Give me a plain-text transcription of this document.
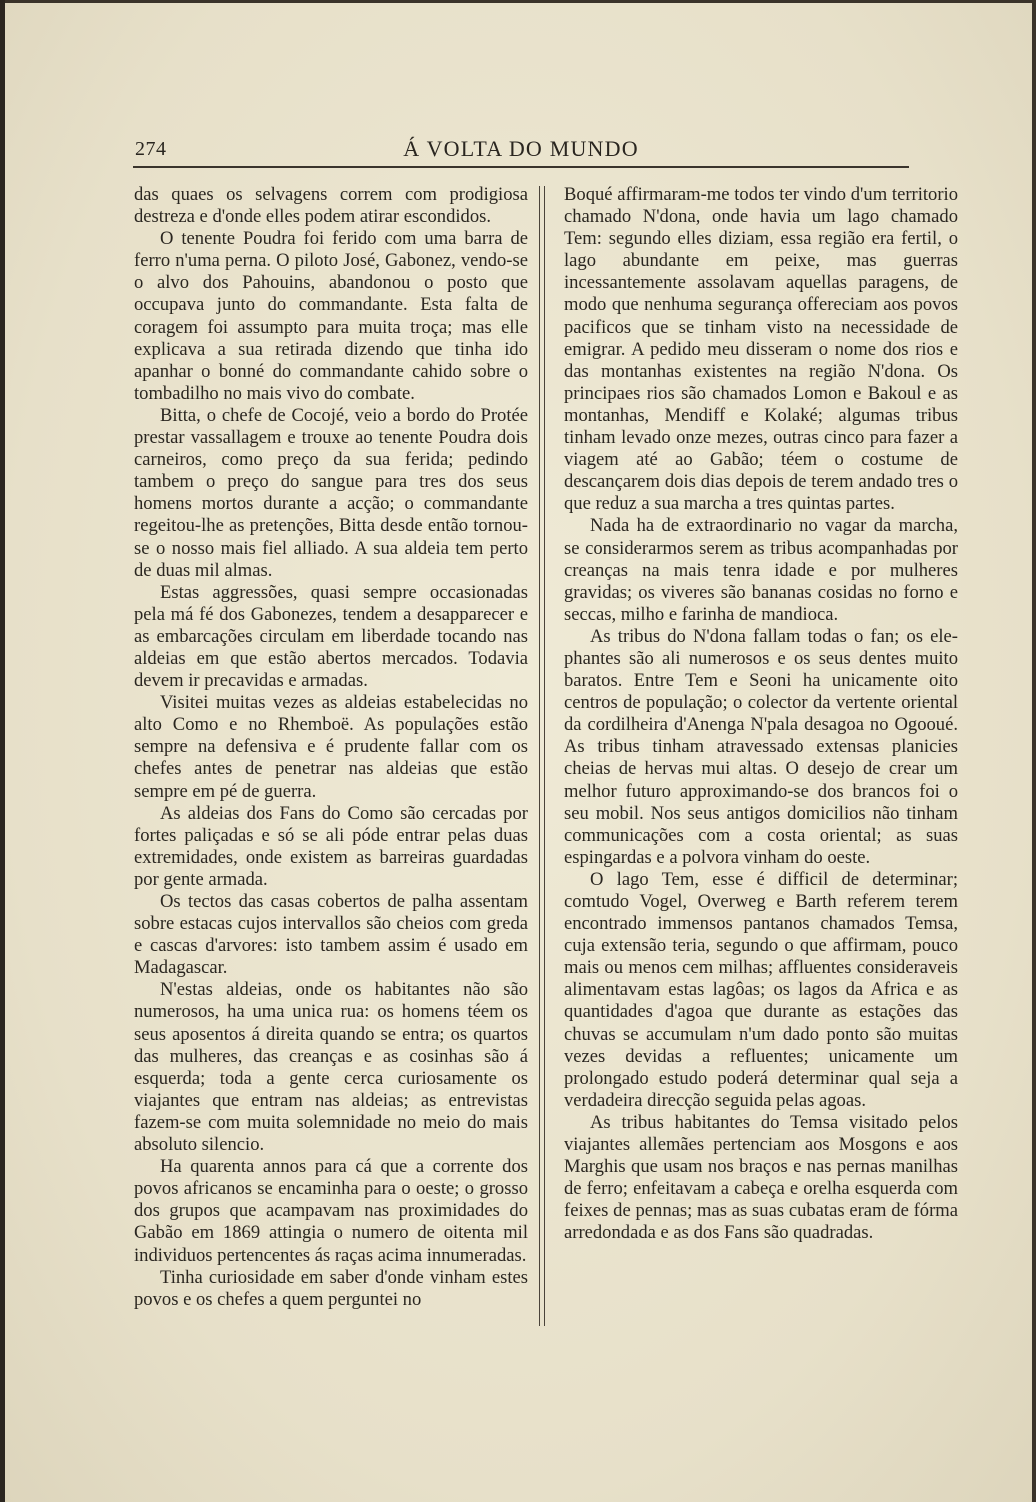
274	Á VOLTA DO MUNDO

das quaes os selvagens correm com prodigiosa destreza e d'onde elles podem atirar escondidos.

O tenente Poudra foi ferido com uma barra de ferro n'uma perna. O piloto José, Gabonez, vendo-se o alvo dos Pahouins, abandonou o posto que occupava junto do commandante. Esta falta de coragem foi assumpto para muita troça; mas elle explicava a sua retirada dizendo que tinha ido apanhar o bonné do commandante cahido sobre o tombadilho no mais vivo do combate.

Bitta, o chefe de Cocojé, veio a bordo do Protée prestar vassallagem e trouxe ao tenente Poudra dois carneiros, como preço da sua ferida; pedindo tambem o preço do sangue para tres dos seus homens mortos durante a acção; o commandante regeitou-lhe as pretenções, Bitta desde então tornou-se o nosso mais fiel alliado. A sua aldeia tem perto de duas mil almas.

Estas aggressões, quasi sempre occasionadas pela má fé dos Gabonezes, tendem a desapparecer e as embarcações circulam em liberdade tocando nas aldeias em que estão abertos mercados. Todavia devem ir precavidas e armadas.

Visitei muitas vezes as aldeias estabelecidas no alto Como e no Rhemboë. As populações estão sempre na defensiva e é prudente fallar com os chefes antes de penetrar nas aldeias que estão sempre em pé de guerra.

As aldeias dos Fans do Como são cercadas por fortes paliçadas e só se ali póde entrar pelas duas extremidades, onde existem as barreiras guardadas por gente armada.

Os tectos das casas cobertos de palha assentam sobre estacas cujos intervallos são cheios com greda e cascas d'arvores: isto tambem assim é usado em Madagascar.

N'estas aldeias, onde os habitantes não são numerosos, ha uma unica rua: os homens téem os seus aposentos á direita quando se entra; os quartos das mulheres, das creanças e as cosinhas são á esquerda; toda a gente cerca curiosamente os viajantes que entram nas aldeias; as entrevistas fazem-se com muita solemnidade no meio do mais absoluto silencio.

Ha quarenta annos para cá que a corrente dos povos africanos se encaminha para o oeste; o grosso dos grupos que acampavam nas proximidades do Gabão em 1869 attingia o numero de oitenta mil individuos pertencentes ás raças acima innumeradas.

Tinha curiosidade em saber d'onde vinham estes povos e os chefes a quem perguntei no

Boqué affirmaram-me todos ter vindo d'um territorio chamado N'dona, onde havia um lago chamado Tem: segundo elles diziam, essa região era fertil, o lago abundante em peixe, mas guerras incessantemente assolavam aquellas paragens, de modo que nenhuma segurança offereciam aos povos pacificos que se tinham visto na necessidade de emigrar. A pedido meu disseram o nome dos rios e das montanhas existentes na região N'dona. Os principaes rios são chamados Lomon e Bakoul e as montanhas, Mendiff e Kolaké; algumas tribus tinham levado onze mezes, outras cinco para fazer a viagem até ao Gabão; téem o costume de descançarem dois dias depois de terem andado tres o que reduz a sua marcha a tres quintas partes.

Nada ha de extraordinario no vagar da marcha, se considerarmos serem as tribus acompanhadas por creanças na mais tenra idade e por mulheres gravidas; os viveres são bananas cosidas no forno e seccas, milho e farinha de mandioca.

As tribus do N'dona fallam todas o fan; os elephantes são ali numerosos e os seus dentes muito baratos. Entre Tem e Seoni ha unicamente oito centros de população; o colector da vertente oriental da cordilheira d'Anenga N'pala desagoa no Ogooué. As tribus tinham atravessado extensas planicies cheias de hervas mui altas. O desejo de crear um melhor futuro approximando-se dos brancos foi o seu mobil. Nos seus antigos domicilios não tinham communicações com a costa oriental; as suas espingardas e a polvora vinham do oeste.

O lago Tem, esse é difficil de determinar; comtudo Vogel, Overweg e Barth referem terem encontrado immensos pantanos chamados Temsa, cuja extensão teria, segundo o que affirmam, pouco mais ou menos cem milhas; affluentes consideraveis alimentavam estas lagôas; os lagos da Africa e as quantidades d'agoa que durante as estações das chuvas se accumulam n'um dado ponto são muitas vezes devidas a refluentes; unicamente um prolongado estudo poderá determinar qual seja a verdadeira direcção seguida pelas agoas.

As tribus habitantes do Temsa visitado pelos viajantes allemães pertenciam aos Mosgons e aos Marghis que usam nos braços e nas pernas manilhas de ferro; enfeitavam a cabeça e orelha esquerda com feixes de pennas; mas as suas cubatas eram de fórma arredondada e as dos Fans são quadradas.
